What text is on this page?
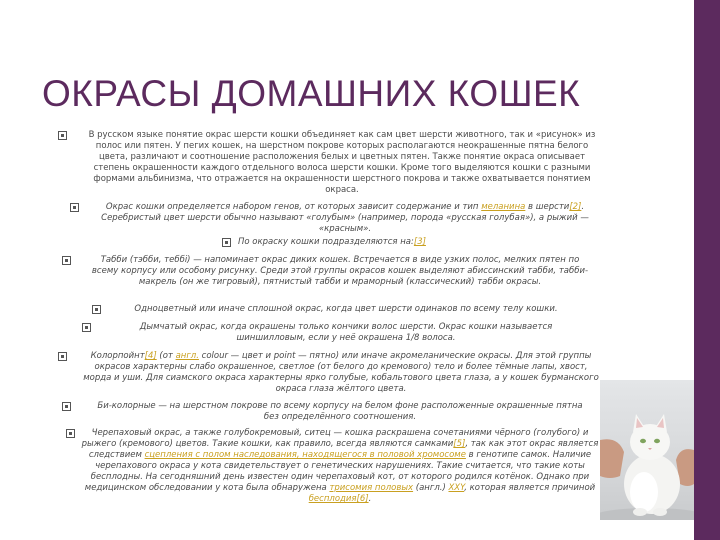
ОКРАСЫ ДОМАШНИХ КОШЕК
В русском языке понятие окрас шерсти кошки объединяет как сам цвет шерсти животного, так и «рисунок» из полос или пятен. У пегих кошек, на шерстном покрове которых располагаются неокрашенные пятна белого цвета, различают и соотношение расположения белых и цветных пятен. Также понятие окраса описывает степень окрашенности каждого отдельного волоса шерсти кошки. Кроме того выделяются кошки с разными формами альбинизма, что отражается на окрашенности шерстного покрова и также охватывается понятием окраса.
Окрас кошки определяется набором генов, от которых зависит содержание и тип меланина в шерсти[2]. Серебристый цвет шерсти обычно называют «голубым» (например, порода «русская голубая»), а рыжий — «красным».
По окраску кошки подразделяются на:[3]
Табби (тэбби, теббі) — напоминает окрас диких кошек. Встречается в виде узких полос, мелких пятен по всему корпусу или особому рисунку. Среди этой группы окрасов кошек выделяют абиссинский табби, табби-макрель (он же тигровый), пятнистый табби и мраморный (классический) табби окрасы.
Одноцветный или иначе сплошной окрас, когда цвет шерсти одинаков по всему телу кошки.
Дымчатый окрас, когда окрашены только кончики волос шерсти. Окрас кошки называется шиншилловым, если у неё окрашена 1/8 волоса.
Колорпойнт[4] (от англ. colour — цвет и point — пятно) или иначе акромеланические окрасы. Для этой группы окрасов характерны слабо окрашенное, светлое (от белого до кремового) тело и более тёмные лапы, хвост, морда и уши. Для сиамского окраса характерны ярко голубые, кобальтового цвета глаза, а у кошек бурманского окраса глаза жёлтого цвета.
Би-колорные — на шерстном покрове по всему корпусу на белом фоне расположенные окрашенные пятна без определённого соотношения.
Черепаховый окрас, а также голубокремовый, ситец — кошка раскрашена сочетаниями чёрного (голубого) и рыжего (кремового) цветов. Такие кошки, как правило, всегда являются самками[5], так как этот окрас является следствием сцепления с полом наследования, находящегося в половой хромосоме в генотипе самок. Наличие черепахового окраса у кота свидетельствует о генетических нарушениях. Такие считается, что такие коты бесплодны. На сегодняшний день известен один черепаховый кот, от которого родился котёнок. Однако при медицинском обследовании у кота была обнаружена трисомия половых (англ.) XXY, которая является причиной бесплодия[6].
